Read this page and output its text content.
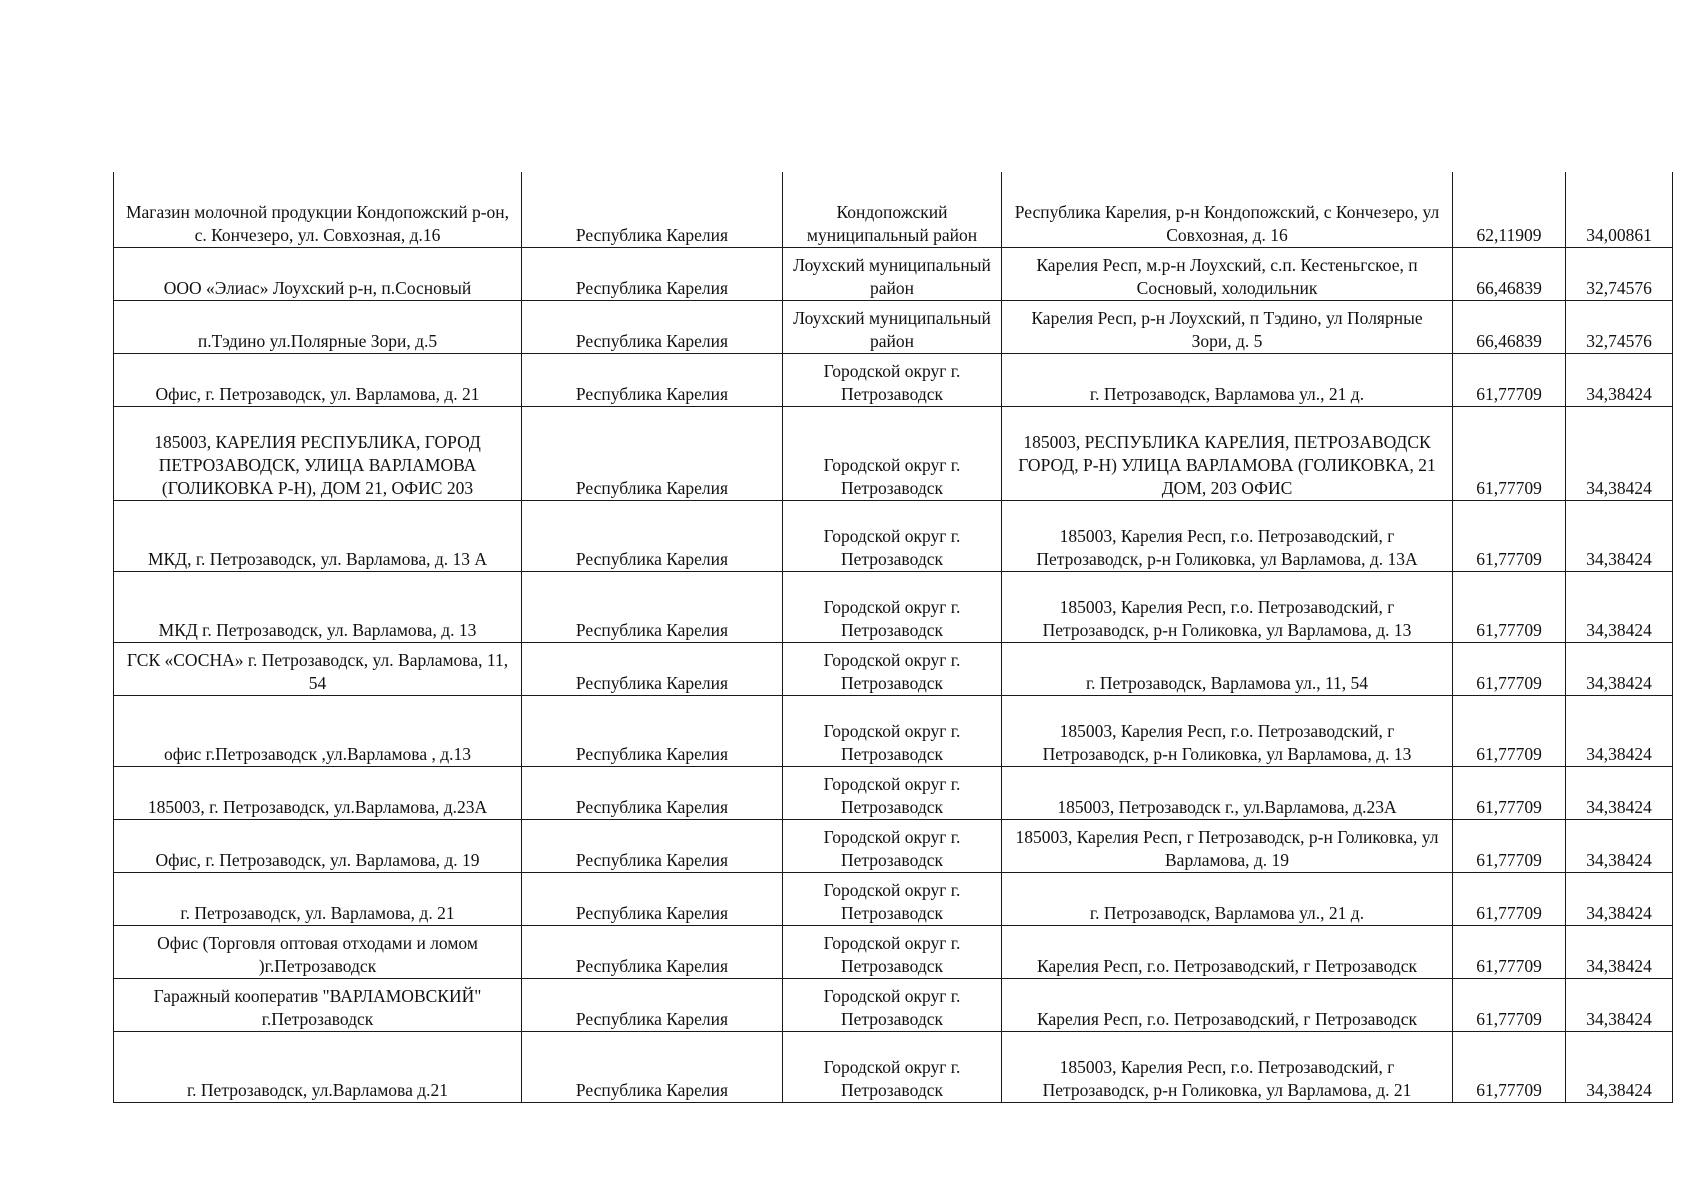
Магазин молочной продукции Кондопожский р-он, с. Кончезеро, ул. Совхозная, д.16	Республика Карелия	Кондопожский муниципальный район	Республика Карелия, р-н Кондопожский, с Кончезеро, ул Совхозная, д. 16	62,11909	34,00861
ООО «Элиас» Лоухский р-н, п.Сосновый	Республика Карелия	Лоухский муниципальный район	Карелия Респ, м.р-н Лоухский, с.п. Кестеньгское, п Сосновый, холодильник	66,46839	32,74576
п.Тэдино ул.Полярные Зори, д.5	Республика Карелия	Лоухский муниципальный район	Карелия Респ, р-н Лоухский, п Тэдино, ул Полярные Зори, д. 5	66,46839	32,74576
Офис, г. Петрозаводск, ул. Варламова, д. 21	Республика Карелия	Городской округ г. Петрозаводск	г. Петрозаводск, Варламова ул., 21 д.	61,77709	34,38424
185003, КАРЕЛИЯ РЕСПУБЛИКА, ГОРОД ПЕТРОЗАВОДСК, УЛИЦА ВАРЛАМОВА (ГОЛИКОВКА Р-Н), ДОМ 21, ОФИС 203	Республика Карелия	Городской округ г. Петрозаводск	185003, РЕСПУБЛИКА КАРЕЛИЯ, ПЕТРОЗАВОДСК ГОРОД, Р-Н) УЛИЦА ВАРЛАМОВА (ГОЛИКОВКА, 21 ДОМ, 203 ОФИС	61,77709	34,38424
МКД, г. Петрозаводск, ул. Варламова, д. 13 А	Республика Карелия	Городской округ г. Петрозаводск	185003, Карелия Респ, г.о. Петрозаводский, г Петрозаводск, р-н Голиковка, ул Варламова, д. 13А	61,77709	34,38424
МКД г. Петрозаводск, ул. Варламова, д. 13	Республика Карелия	Городской округ г. Петрозаводск	185003, Карелия Респ, г.о. Петрозаводский, г Петрозаводск, р-н Голиковка, ул Варламова, д. 13	61,77709	34,38424
ГСК «СОСНА» г. Петрозаводск, ул. Варламова, 11, 54	Республика Карелия	Городской округ г. Петрозаводск	г. Петрозаводск, Варламова ул., 11, 54	61,77709	34,38424
офис г.Петрозаводск ,ул.Варламова , д.13	Республика Карелия	Городской округ г. Петрозаводск	185003, Карелия Респ, г.о. Петрозаводский, г Петрозаводск, р-н Голиковка, ул Варламова, д. 13	61,77709	34,38424
185003, г. Петрозаводск, ул.Варламова, д.23А	Республика Карелия	Городской округ г. Петрозаводск	185003, Петрозаводск г., ул.Варламова, д.23А	61,77709	34,38424
Офис, г. Петрозаводск, ул. Варламова, д. 19	Республика Карелия	Городской округ г. Петрозаводск	185003, Карелия Респ, г Петрозаводск, р-н Голиковка, ул Варламова, д. 19	61,77709	34,38424
г. Петрозаводск, ул. Варламова, д. 21	Республика Карелия	Городской округ г. Петрозаводск	г. Петрозаводск, Варламова ул., 21 д.	61,77709	34,38424
Офис (Торговля оптовая отходами и ломом )г.Петрозаводск	Республика Карелия	Городской округ г. Петрозаводск	Карелия Респ, г.о. Петрозаводский, г Петрозаводск	61,77709	34,38424
Гаражный кооператив "ВАРЛАМОВСКИЙ" г.Петрозаводск	Республика Карелия	Городской округ г. Петрозаводск	Карелия Респ, г.о. Петрозаводский, г Петрозаводск	61,77709	34,38424
г. Петрозаводск, ул.Варламова д.21	Республика Карелия	Городской округ г. Петрозаводск	185003, Карелия Респ, г.о. Петрозаводский, г Петрозаводск, р-н Голиковка, ул Варламова, д. 21	61,77709	34,38424
